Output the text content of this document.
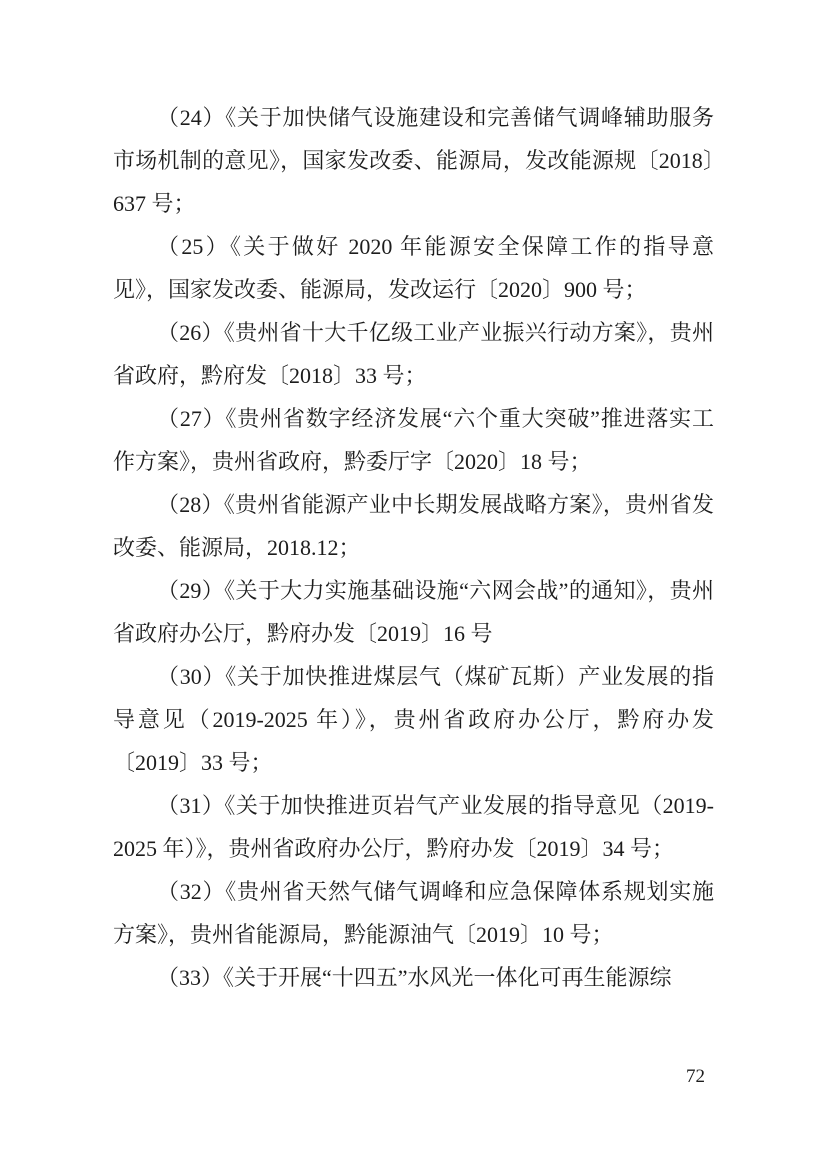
（24）《关于加快储气设施建设和完善储气调峰辅助服务市场机制的意见》，国家发改委、能源局，发改能源规〔2018〕637 号；

（25）《关于做好 2020 年能源安全保障工作的指导意见》，国家发改委、能源局，发改运行〔2020〕900 号；

（26）《贵州省十大千亿级工业产业振兴行动方案》，贵州省政府，黔府发〔2018〕33 号；

（27）《贵州省数字经济发展“六个重大突破”推进落实工作方案》，贵州省政府，黔委厅字〔2020〕18 号；

（28）《贵州省能源产业中长期发展战略方案》，贵州省发改委、能源局，2018.12；

（29）《关于大力实施基础设施“六网会战”的通知》，贵州省政府办公厅，黔府办发〔2019〕16 号

（30）《关于加快推进煤层气（煤矿瓦斯）产业发展的指导意见（2019-2025 年）》，贵州省政府办公厅，黔府办发〔2019〕33 号；

（31）《关于加快推进页岩气产业发展的指导意见（2019-2025 年）》，贵州省政府办公厅，黔府办发〔2019〕34 号；

（32）《贵州省天然气储气调峰和应急保障体系规划实施方案》，贵州省能源局，黔能源油气〔2019〕10 号；

（33）《关于开展“十四五”水风光一体化可再生能源综

72
